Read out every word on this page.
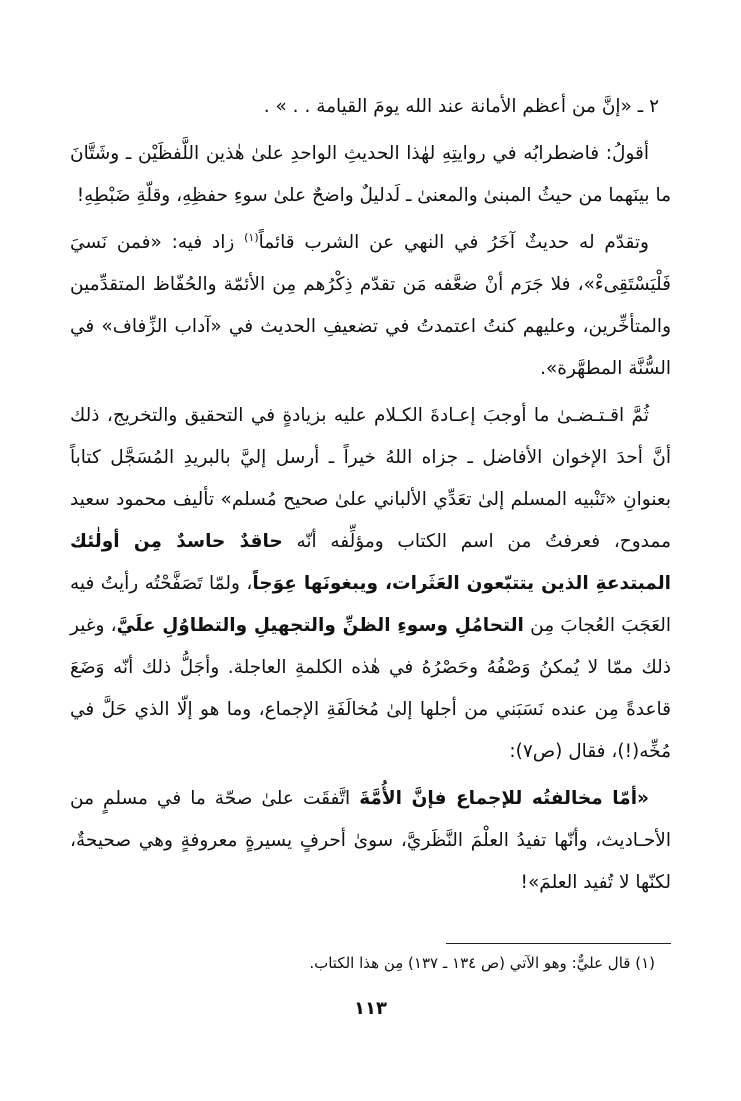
٢ ـ «إنَّ من أعظم الأمانة عند الله يومَ القيامة . . » .

أقولُ: فاضطرابُه في روايتِهِ لهٰذا الحديثِ الواحدِ علىٰ هٰذين اللَّفظَيْن ـ وشَتَّانَ ما بينَهما من حيثُ المبنىٰ والمعنىٰ ـ لَدليلٌ واضحٌ علىٰ سوءِ حفظِهِ، وقلّةِ ضَبْطِهِ!

وتقدّم له حديثٌ آخَرُ في النهي عن الشرب قائماً$^{(١)}$ زاد فيه: «فمن نَسيَ فَلْيَسْتَقِىءْ»، فلا جَرَم أنْ ضعَّفه مَن تقدّم ذِكْرُهم مِن الأئمّة والحُفّاظ المتقدِّمين والمتأخِّرين، وعليهم كنتُ اعتمدتُ في تضعيفِ الحديث في «آداب الزِّفاف» في السُّنَّة المطهَّرة».

ثُمَّ اقـتـضـىٰ ما أوجبَ إعـادةَ الكـلام عليه بزيادةٍ في التحقيق والتخريج، ذلك أنَّ أحدَ الإخوان الأفاضل ـ جزاه اللهُ خيراً ـ أرسل إليَّ بالبريدِ المُسَجَّل كتاباً بعنوانِ «تَنْبيه المسلم إلىٰ تعَدِّي الألباني علىٰ صحيح مُسلم» تأليف محمود سعيد ممدوح، فعرفتُ من اسم الكتاب ومؤلِّفه أنّه حاقدٌ حاسدٌ مِن أولٰئك المبتدعةِ الذين يتتبّعون العَثَرات، ويبغونَها عِوَجاً، ولمّا تَصَفَّحْتُه رأيتُ فيه العَجَبَ العُجابَ مِن التحامُلِ وسوءِ الظنِّ والتجهيلِ والتطاوُلِ علَيَّ، وغير ذلك ممّا لا يُمكنُ وَصْفُهُ وحَصْرُهُ في هٰذه الكلمةِ العاجلة. وأجَلُّ ذلك أنّه وَضَعَ قاعدةً مِن عنده نَسَبَني من أجلها إلىٰ مُخالَفَةِ الإجماع، وما هو إلّا الذي حَلَّ في مُخِّه(!)، فقال (ص٧):

«أمّا مخالفتُه للإجماع فإنَّ الأُمَّةَ اتَّفقَت علىٰ صحّة ما في مسلمٍ من الأحـاديث، وأنّها تفيدُ العلْمَ النَّظَريَّ، سوىٰ أحرفٍ يسيرةٍ معروفةٍ وهي صحيحةٌ، لكنّها لا تُفيد العلمَ»!

(١) قال عليٌّ: وهو الآتي (ص ١٣٤ ـ ١٣٧) مِن هذا الكتاب.
١١٣
